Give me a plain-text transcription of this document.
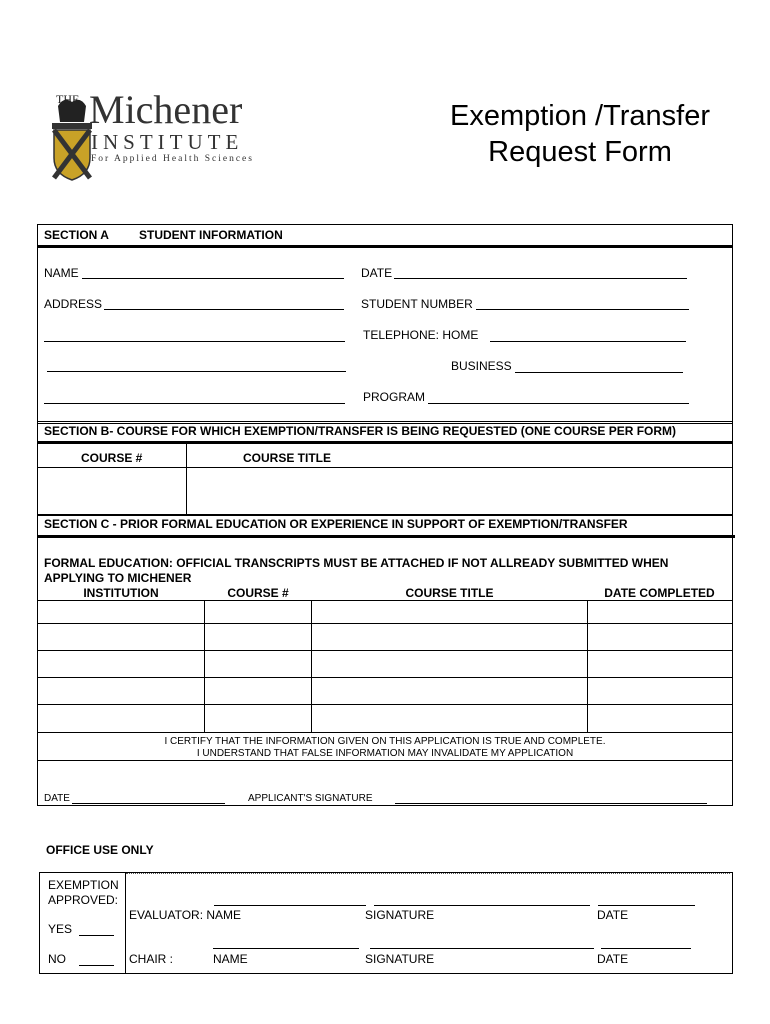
THE Michener
INSTITUTE
For Applied Health Sciences
Exemption /Transfer
Request Form
SECTION A	STUDENT INFORMATION
NAME	DATE
ADDRESS	STUDENT NUMBER
TELEPHONE: HOME
BUSINESS
PROGRAM
SECTION B- COURSE FOR WHICH EXEMPTION/TRANSFER IS BEING REQUESTED (ONE COURSE PER FORM)
COURSE #	COURSE TITLE
SECTION C - PRIOR FORMAL EDUCATION OR EXPERIENCE IN SUPPORT OF EXEMPTION/TRANSFER
FORMAL EDUCATION: OFFICIAL TRANSCRIPTS MUST BE ATTACHED IF NOT ALLREADY SUBMITTED WHEN
APPLYING TO MICHENER
INSTITUTION	COURSE #	COURSE TITLE	DATE COMPLETED
I CERTIFY THAT THE INFORMATION GIVEN ON THIS APPLICATION IS TRUE AND COMPLETE.
I UNDERSTAND THAT FALSE INFORMATION MAY INVALIDATE MY APPLICATION
DATE	APPLICANT'S SIGNATURE
OFFICE USE ONLY
EXEMPTION
APPROVED:
YES
NO
EVALUATOR: NAME	SIGNATURE	DATE
CHAIR :	NAME	SIGNATURE	DATE
